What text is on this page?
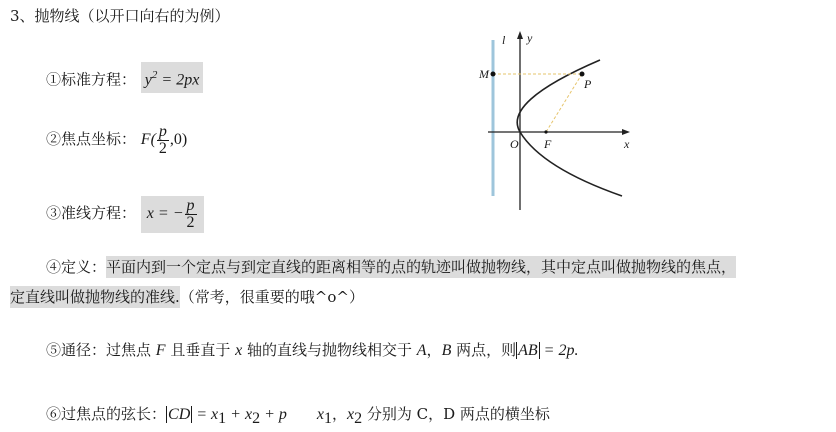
3、抛物线（以开口向右的为例）
①标准方程： $y^2 = 2px$
②焦点坐标： $F( \frac{p}{2} ,0)$
③准线方程： x = − $\frac{p}{2}$
④定义：平面内到一个定点与到定直线的距离相等的点的轨迹叫做抛物线，其中定点叫做抛物线的焦点，
定直线叫做抛物线的准线.（常考，很重要的哦^o^）
⑤通径：过焦点 F 且垂直于 x 轴的直线与抛物线相交于 A，B 两点，则 AB = 2p.
⑥过焦点的弦长： CD = $x_1 + x_2 + p$ $x_1$，$x_2$ 分别为 C，D 两点的横坐标
l y
x
M
P
O F
